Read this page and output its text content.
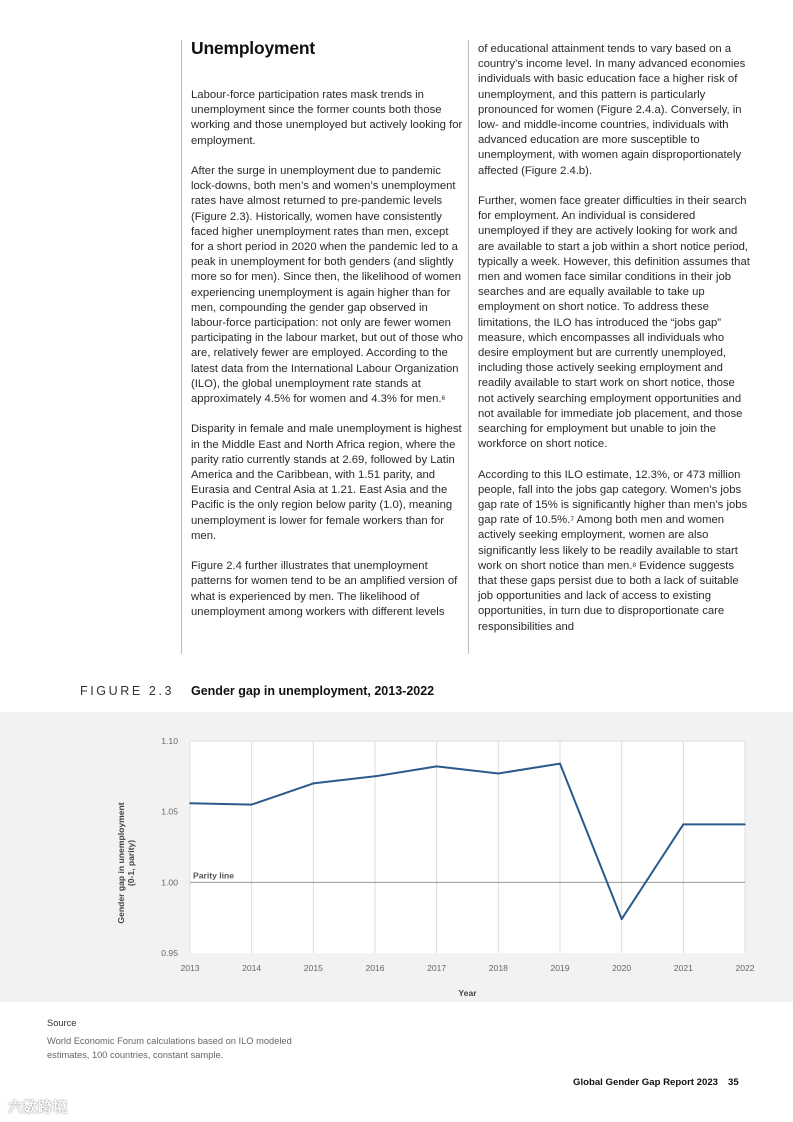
Unemployment

Labour-force participation rates mask trends in unemployment since the former counts both those working and those unemployed but actively looking for employment.

After the surge in unemployment due to pandemic lock-downs, both men’s and women’s unemployment rates have almost returned to pre-pandemic levels (Figure 2.3). Historically, women have consistently faced higher unemployment rates than men, except for a short period in 2020 when the pandemic led to a peak in unemployment for both genders (and slightly more so for men). Since then, the likelihood of women experiencing unemployment is again higher than for men, compounding the gender gap observed in labour-force participation: not only are fewer women participating in the labour market, but out of those who are, relatively fewer are employed. According to the latest data from the International Labour Organization (ILO), the global unemployment rate stands at approximately 4.5% for women and 4.3% for men.$^6$

Disparity in female and male unemployment is highest in the Middle East and North Africa region, where the parity ratio currently stands at 2.69, followed by Latin America and the Caribbean, with 1.51 parity, and Eurasia and Central Asia at 1.21. East Asia and the Pacific is the only region below parity (1.0), meaning unemployment is lower for female workers than for men.

Figure 2.4 further illustrates that unemployment patterns for women tend to be an amplified version of what is experienced by men. The likelihood of unemployment among workers with different levels

of educational attainment tends to vary based on a country’s income level. In many advanced economies individuals with basic education face a higher risk of unemployment, and this pattern is particularly pronounced for women (Figure 2.4.a). Conversely, in low- and middle-income countries, individuals with advanced education are more susceptible to unemployment, with women again disproportionately affected (Figure 2.4.b).

Further, women face greater difficulties in their search for employment. An individual is considered unemployed if they are actively looking for work and are available to start a job within a short notice period, typically a week. However, this definition assumes that men and women face similar conditions in their job searches and are equally available to take up employment on short notice. To address these limitations, the ILO has introduced the “jobs gap” measure, which encompasses all individuals who desire employment but are currently unemployed, including those actively seeking employment and readily available to start work on short notice, those not actively searching employment opportunities and not available for immediate job placement, and those searching for employment but unable to join the workforce on short notice.

According to this ILO estimate, 12.3%, or 473 million people, fall into the jobs gap category. Women’s jobs gap rate of 15% is significantly higher than men’s jobs gap rate of 10.5%.$^7$ Among both men and women actively seeking employment, women are also significantly less likely to be readily available to start work on short notice than men.$^8$ Evidence suggests that these gaps persist due to both a lack of suitable job opportunities and lack of access to existing opportunities, in turn due to disproportionate care responsibilities and

FIGURE 2.3 Gender gap in unemployment, 2013-2022
0.95
1.00
1.05
1.10
2013	2014	2015	2016	2017	2018	2019	2020	2021	2022
Parity line
Year
Gender gap in unemployment(0-1, parity)
Source
World Economic Forum calculations based on ILO modeled estimates, 100 countries, constant sample.
Global Gender Gap Report 2023 35
六数跨境
